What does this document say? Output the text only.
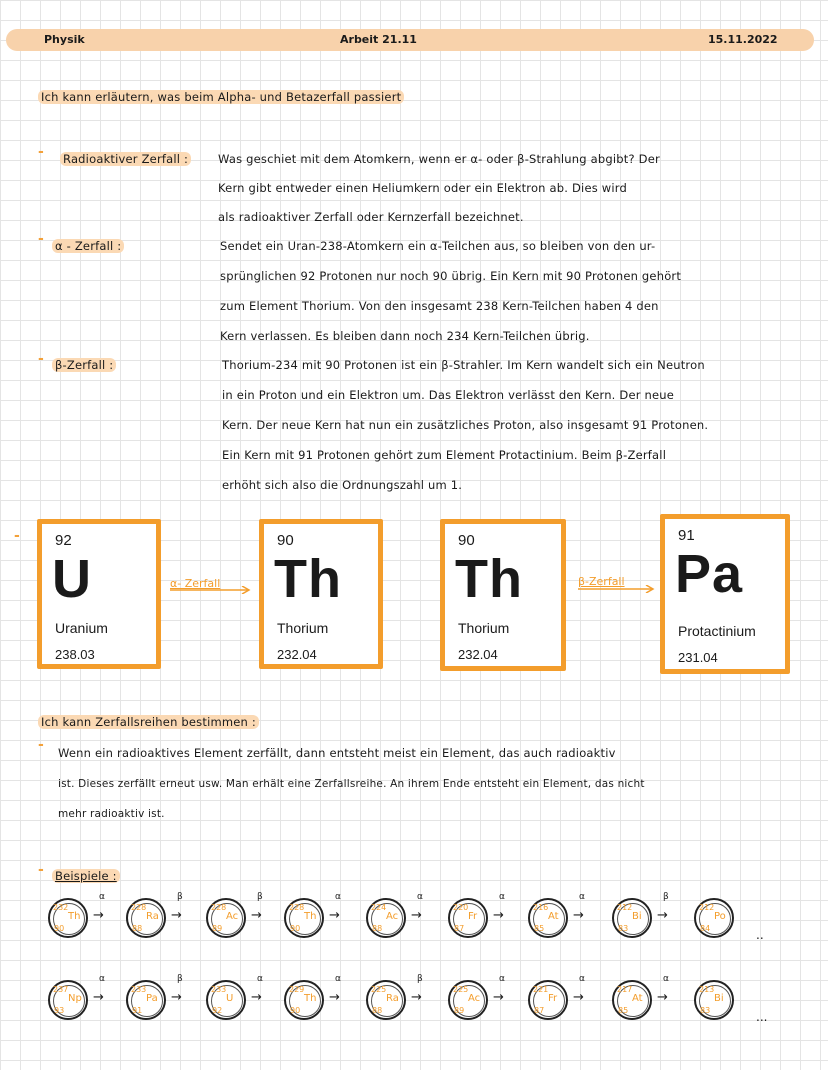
Physik	Arbeit 21.11	15.11.2022
Ich kann erläutern, was beim Alpha- und Betazerfall passiert
- Radioaktiver Zerfall :	Was geschiet mit dem Atomkern, wenn er α- oder β-Strahlung abgibt? Der
Kern gibt entweder einen Heliumkern oder ein Elektron ab. Dies wird
als radioaktiver Zerfall oder Kernzerfall bezeichnet.
- α - Zerfall :	Sendet ein Uran-238-Atomkern ein α-Teilchen aus, so bleiben von den ur-
sprünglichen 92 Protonen nur noch 90 übrig. Ein Kern mit 90 Protonen gehört
zum Element Thorium. Von den insgesamt 238 Kern-Teilchen haben 4 den
Kern verlassen. Es bleiben dann noch 234 Kern-Teilchen übrig.
- β-Zerfall :	Thorium-234 mit 90 Protonen ist ein β-Strahler. Im Kern wandelt sich ein Neutron
in ein Proton und ein Elektron um. Das Elektron verlässt den Kern. Der neue
Kern. Der neue Kern hat nun ein zusätzliches Proton, also insgesamt 91 Protonen.
Ein Kern mit 91 Protonen gehört zum Element Protactinium. Beim β-Zerfall
erhöht sich also die Ordnungszahl um 1.
- 92
U
Uranium
238.03
α- Zerfall
90
Th
Thorium
232.04
90
Th
Thorium
232.04
β-Zerfall
91
Pa
Protactinium
231.04
Ich kann Zerfallsreihen bestimmen :
- Wenn ein radioaktives Element zerfällt, dann entsteht meist ein Element, das auch radioaktiv
ist. Dieses zerfällt erneut usw. Man erhält eine Zerfallsreihe. An ihrem Ende entsteht ein Element, das nicht
mehr radioaktiv ist.
- Beispiele :
232
90
Th
α
→
228
88
Ra
β
→
228
89
Ac
β
→
228
90
Th
α
→
224
88
Ac
α
→
220
87
Fr
α
→
216
85
At
α
→
212
83
Bi
β
→
212
84
Po
237
93
Np
α
→
233
91
Pa
β
→
233
92
U
α
→
229
90
Th
α
→
225
88
Ra
β
→
225
89
Ac
α
→
221
87
Fr
α
→
217
85
At
α
→
213
83
Bi
..
...
